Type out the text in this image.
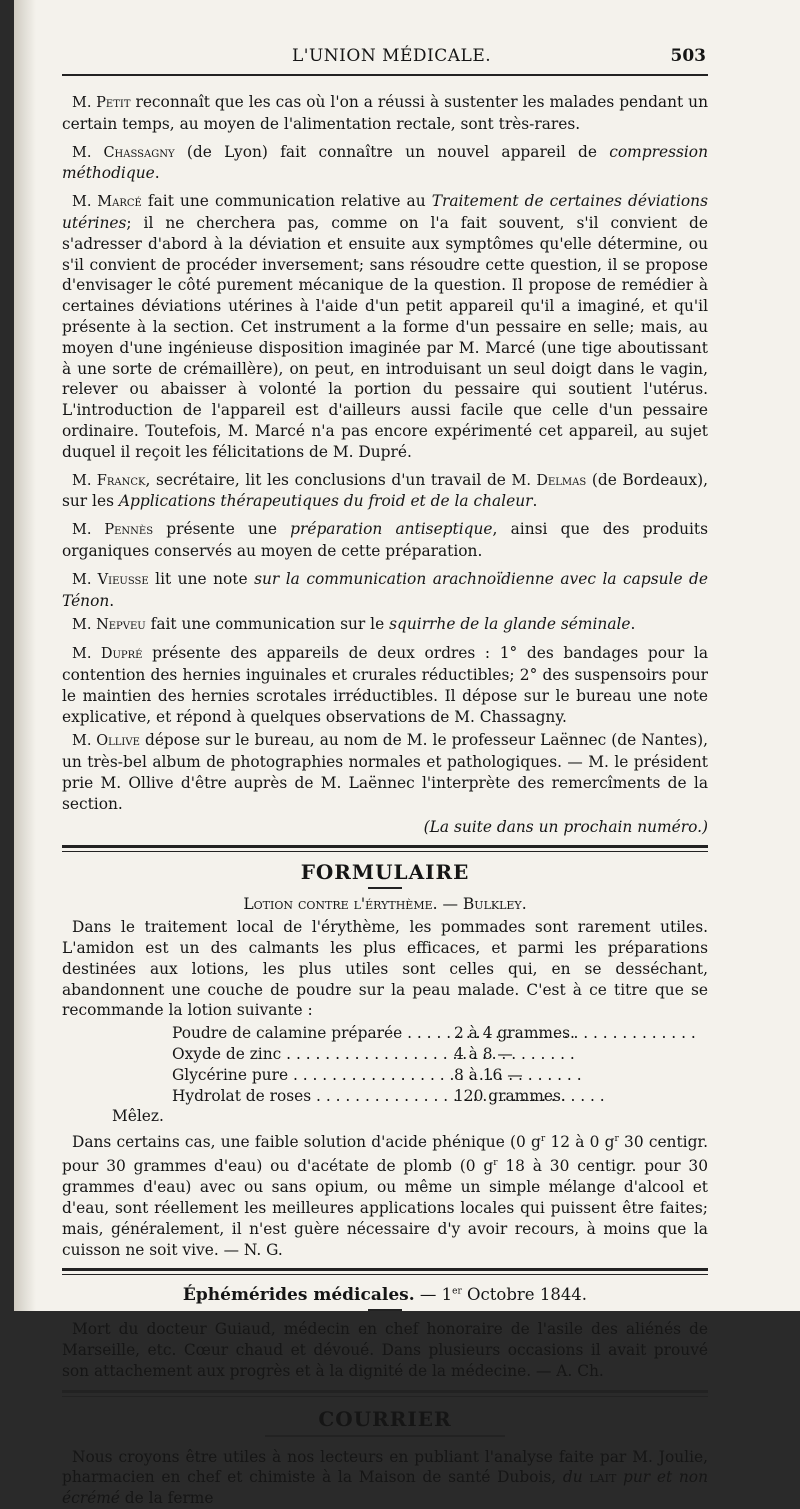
L'UNION MÉDICALE.	503

M. Petit reconnaît que les cas où l'on a réussi à sustenter les malades pendant un certain temps, au moyen de l'alimentation rectale, sont très-rares.

M. Chassagny (de Lyon) fait connaître un nouvel appareil de compression méthodique.

M. Marcé fait une communication relative au Traitement de certaines déviations utérines; il ne cherchera pas, comme on l'a fait souvent, s'il convient de s'adresser d'abord à la déviation et ensuite aux symptômes qu'elle détermine, ou s'il convient de procéder inversement; sans résoudre cette question, il se propose d'envisager le côté purement mécanique de la question. Il propose de remédier à certaines déviations utérines à l'aide d'un petit appareil qu'il a imaginé, et qu'il présente à la section. Cet instrument a la forme d'un pessaire en selle; mais, au moyen d'une ingénieuse disposition imaginée par M. Marcé (une tige aboutissant à une sorte de crémaillère), on peut, en introduisant un seul doigt dans le vagin, relever ou abaisser à volonté la portion du pessaire qui soutient l'utérus. L'introduction de l'appareil est d'ailleurs aussi facile que celle d'un pessaire ordinaire. Toutefois, M. Marcé n'a pas encore expérimenté cet appareil, au sujet duquel il reçoit les félicitations de M. Dupré.

M. Franck, secrétaire, lit les conclusions d'un travail de M. Delmas (de Bordeaux), sur les Applications thérapeutiques du froid et de la chaleur.

M. Pennès présente une préparation antiseptique, ainsi que des produits organiques conservés au moyen de cette préparation.

M. Vieusse lit une note sur la communication arachnoïdienne avec la capsule de Ténon.

M. Nepveu fait une communication sur le squirrhe de la glande séminale.

M. Dupré présente des appareils de deux ordres : 1° des bandages pour la contention des hernies inguinales et crurales réductibles; 2° des suspensoirs pour le maintien des hernies scrotales irréductibles. Il dépose sur le bureau une note explicative, et répond à quelques observations de M. Chassagny.

M. Ollive dépose sur le bureau, au nom de M. le professeur Laënnec (de Nantes), un très-bel album de photographies normales et pathologiques. — M. le président prie M. Ollive d'être auprès de M. Laënnec l'interprète des remercîments de la section.

(La suite dans un prochain numéro.)

FORMULAIRE
Lotion contre l'érythème. — Bulkley.

Dans le traitement local de l'érythème, les pommades sont rarement utiles. L'amidon est un des calmants les plus efficaces, et parmi les préparations destinées aux lotions, les plus utiles sont celles qui, en se desséchant, abandonnent une couche de poudre sur la peau malade. C'est à ce titre que se recommande la lotion suivante :

Poudre de calamine préparée . . .	2 à 4 grammes.
Oxyde de zinc . . .	4 à 8 —
Glycérine pure . . .	8 à 16 —
Hydrolat de roses . . .	120 grammes.

Mêlez.

Dans certains cas, une faible solution d'acide phénique (0 $g^r$ 12 à 0 $g^r$ 30 centigr. pour 30 grammes d'eau) ou d'acétate de plomb (0 $g^r$ 18 à 30 centigr. pour 30 grammes d'eau) avec ou sans opium, ou même un simple mélange d'alcool et d'eau, sont réellement les meilleures applications locales qui puissent être faites; mais, généralement, il n'est guère nécessaire d'y avoir recours, à moins que la cuisson ne soit vive. — N. G.

Éphémérides médicales. — 1er Octobre 1844.

Mort du docteur Guiaud, médecin en chef honoraire de l'asile des aliénés de Marseille, etc. Cœur chaud et dévoué. Dans plusieurs occasions il avait prouvé son attachement aux progrès et à la dignité de la médecine. — A. Ch.

COURRIER

Nous croyons être utiles à nos lecteurs en publiant l'analyse faite par M. Joulie, pharmacien en chef et chimiste à la Maison de santé Dubois, du lait pur et non écrémé de la ferme
